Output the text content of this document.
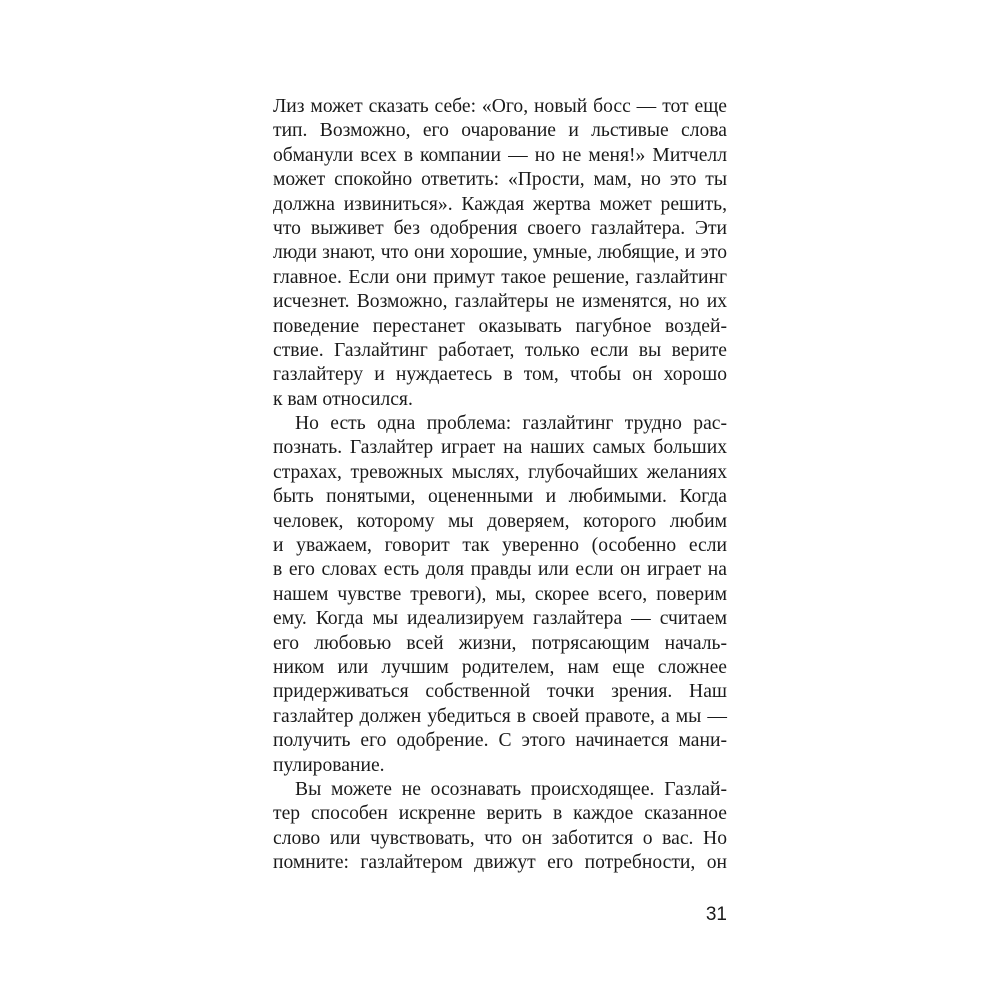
Лиз может сказать себе: «Ого, новый босс — тот еще
тип. Возможно, его очарование и льстивые слова
обманули всех в компании — но не меня!» Митчелл
может спокойно ответить: «Прости, мам, но это ты
должна извиниться». Каждая жертва может решить,
что выживет без одобрения своего газлайтера. Эти
люди знают, что они хорошие, умные, любящие, и это
главное. Если они примут такое решение, газлайтинг
исчезнет. Возможно, газлайтеры не изменятся, но их
поведение перестанет оказывать пагубное воздей-
ствие. Газлайтинг работает, только если вы верите
газлайтеру и нуждаетесь в том, чтобы он хорошо
к вам относился.
Но есть одна проблема: газлайтинг трудно рас-
познать. Газлайтер играет на наших самых больших
страхах, тревожных мыслях, глубочайших желаниях
быть понятыми, оцененными и любимыми. Когда
человек, которому мы доверяем, которого любим
и уважаем, говорит так уверенно (особенно если
в его словах есть доля правды или если он играет на
нашем чувстве тревоги), мы, скорее всего, поверим
ему. Когда мы идеализируем газлайтера — считаем
его любовью всей жизни, потрясающим началь-
ником или лучшим родителем, нам еще сложнее
придерживаться собственной точки зрения. Наш
газлайтер должен убедиться в своей правоте, а мы —
получить его одобрение. С этого начинается мани-
пулирование.
Вы можете не осознавать происходящее. Газлай-
тер способен искренне верить в каждое сказанное
слово или чувствовать, что он заботится о вас. Но
помните: газлайтером движут его потребности, он
31
